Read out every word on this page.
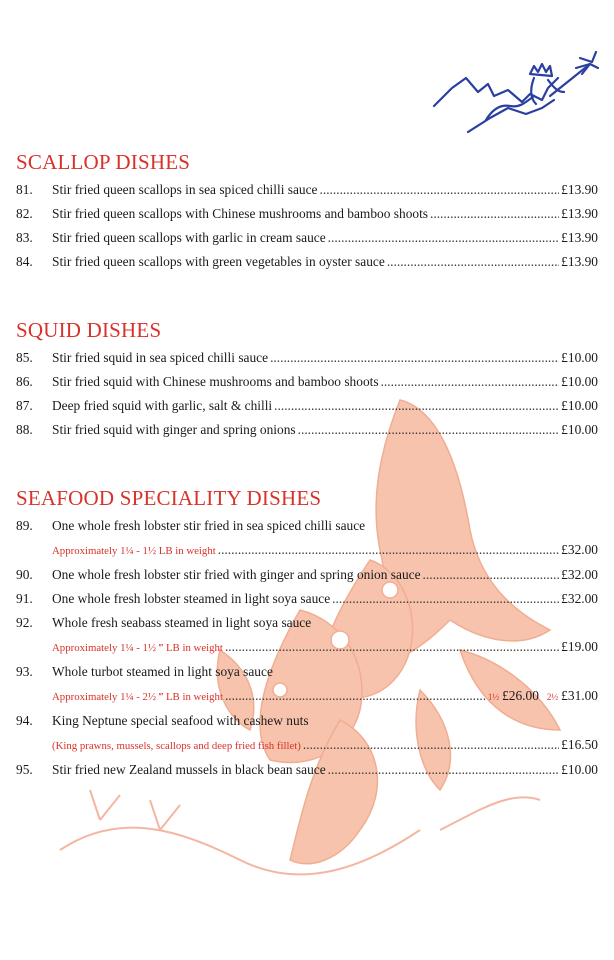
SCALLOP DISHES
81.	Stir fried queen scallops in sea spiced chilli sauce .....	£13.90
82.	Stir fried queen scallops with Chinese mushrooms and bamboo shoots .....	£13.90
83.	Stir fried queen scallops with garlic in cream sauce .....	£13.90
84.	Stir fried queen scallops with green vegetables in oyster sauce .....	£13.90
SQUID DISHES
85.	Stir fried squid in sea spiced chilli sauce .....	£10.00
86.	Stir fried squid with Chinese mushrooms and bamboo shoots .....	£10.00
87.	Deep fried squid with garlic, salt & chilli .....	£10.00
88.	Stir fried squid with ginger and spring onions .....	£10.00
SEAFOOD SPECIALITY DISHES
89.	One whole fresh lobster stir fried in sea spiced chilli sauce
Approximately 1¼ - 1½ LB in weight .....	£32.00
90.	One whole fresh lobster stir fried with ginger and spring onion sauce .....	£32.00
91.	One whole fresh lobster steamed in light soya sauce .....	£32.00
92.	Whole fresh seabass steamed in light soya sauce
Approximately 1¼ - 1½ ‴ LB in weight .....	£19.00
93.	Whole turbot steamed in light soya sauce
Approximately 1¼ - 2½ ‴ LB in weight .....	1½ £26.00 2½ £31.00
94.	King Neptune special seafood with cashew nuts
(King prawns, mussels, scallops and deep fried fish fillet) .....	£16.50
95.	Stir fried new Zealand mussels in black bean sauce .....	£10.00
